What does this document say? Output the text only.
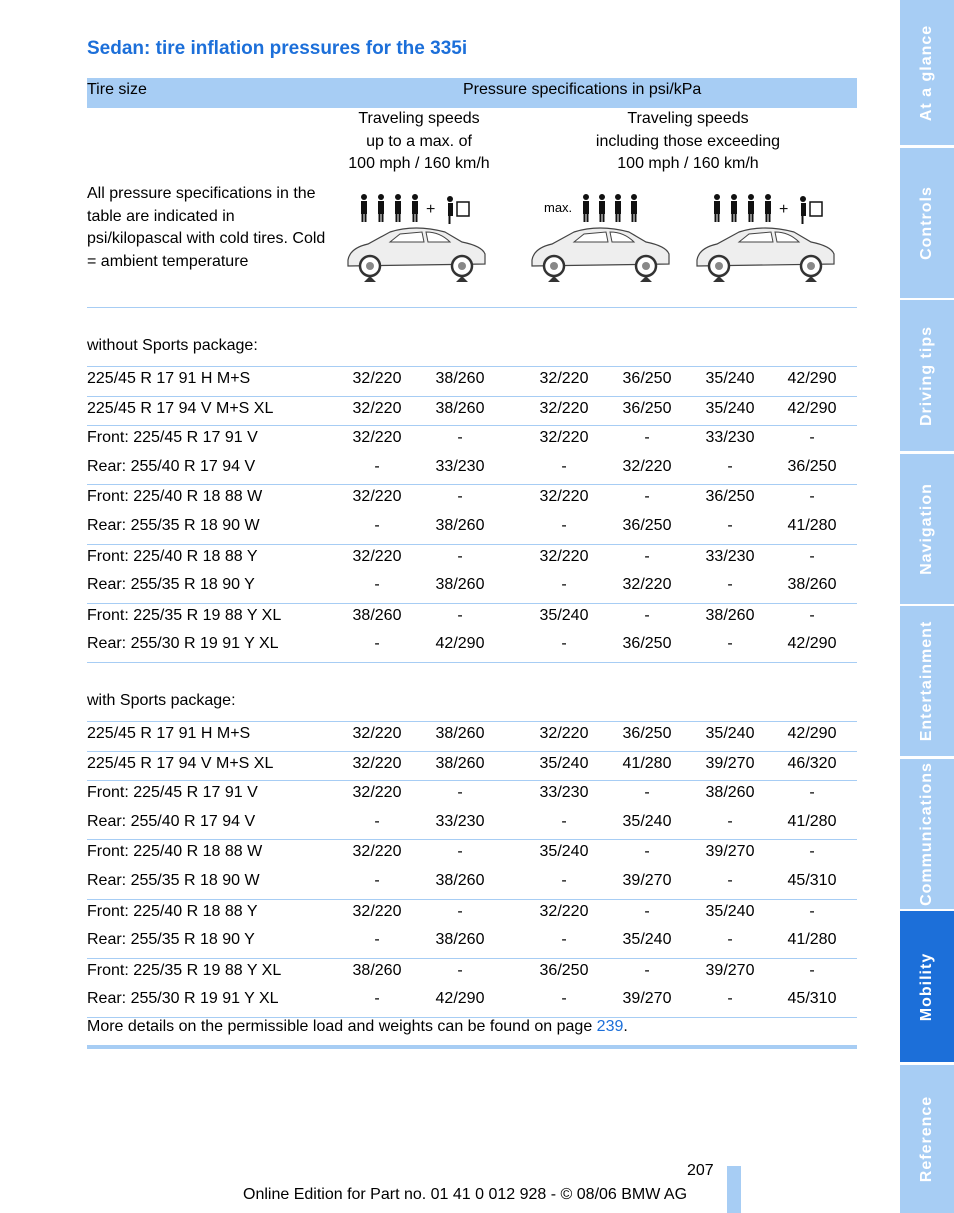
Sedan: tire inflation pressures for the 335i
Tire size	Pressure specifications in psi/kPa
Traveling speeds
up to a max. of
100 mph / 160 km/h
Traveling speeds
including those exceeding
100 mph / 160 km/h
All pressure specifications in the table are indicated in psi/kilopascal with cold tires. Cold = ambient temperature
+	max.	+
without Sports package:
225/45 R 17 91 H M+S	32/220	38/260	32/220	36/250	35/240	42/290
225/45 R 17 94 V M+S XL	32/220	38/260	32/220	36/250	35/240	42/290
Front: 225/45 R 17 91 V	32/220	-	32/220	-	33/230	-
Rear: 255/40 R 17 94 V	-	33/230	-	32/220	-	36/250
Front: 225/40 R 18 88 W	32/220	-	32/220	-	36/250	-
Rear: 255/35 R 18 90 W	-	38/260	-	36/250	-	41/280
Front: 225/40 R 18 88 Y	32/220	-	32/220	-	33/230	-
Rear: 255/35 R 18 90 Y	-	38/260	-	32/220	-	38/260
Front: 225/35 R 19 88 Y XL	38/260	-	35/240	-	38/260	-
Rear: 255/30 R 19 91 Y XL	-	42/290	-	36/250	-	42/290
with Sports package:
225/45 R 17 91 H M+S	32/220	38/260	32/220	36/250	35/240	42/290
225/45 R 17 94 V M+S XL	32/220	38/260	35/240	41/280	39/270	46/320
Front: 225/45 R 17 91 V	32/220	-	33/230	-	38/260	-
Rear: 255/40 R 17 94 V	-	33/230	-	35/240	-	41/280
Front: 225/40 R 18 88 W	32/220	-	35/240	-	39/270	-
Rear: 255/35 R 18 90 W	-	38/260	-	39/270	-	45/310
Front: 225/40 R 18 88 Y	32/220	-	32/220	-	35/240	-
Rear: 255/35 R 18 90 Y	-	38/260	-	35/240	-	41/280
Front: 225/35 R 19 88 Y XL	38/260	-	36/250	-	39/270	-
Rear: 255/30 R 19 91 Y XL	-	42/290	-	39/270	-	45/310
More details on the permissible load and weights can be found on page 239.
207
Online Edition for Part no. 01 41 0 012 928 - © 08/06 BMW AG
At a glance
Controls
Driving tips
Navigation
Entertainment
Communications
Mobility
Reference
